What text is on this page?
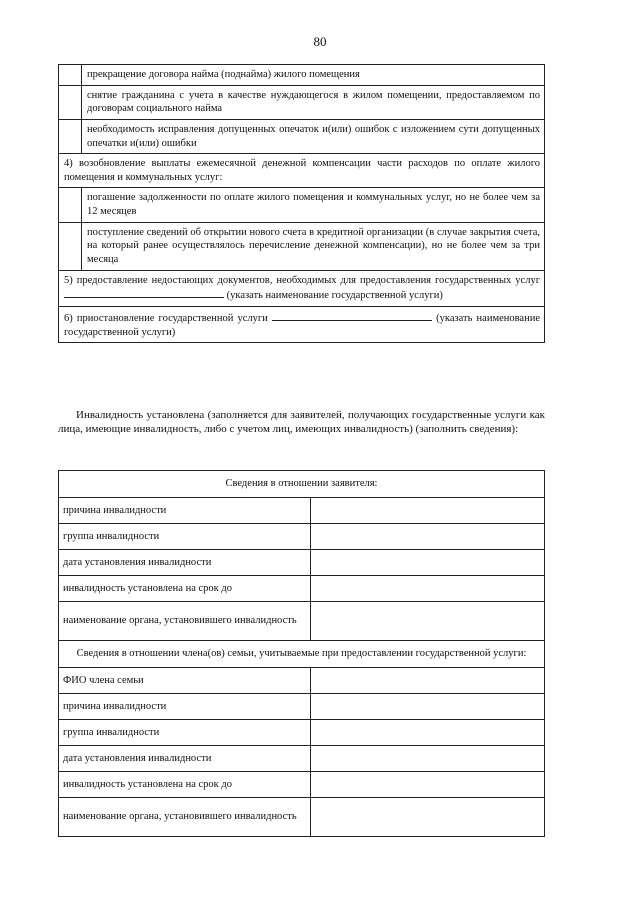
80
	прекращение договора найма (поднайма) жилого помещения
	снятие гражданина с учета в качестве нуждающегося в жилом помещении, предоставляемом по договорам социального найма
	необходимость исправления допущенных опечаток и(или) ошибок с изложением сути допущенных опечатки и(или) ошибки
4) возобновление выплаты ежемесячной денежной компенсации части расходов по оплате жилого помещения и коммунальных услуг:	
	погашение задолженности по оплате жилого помещения и коммунальных услуг, но не более чем за 12 месяцев
	поступление сведений об открытии нового счета в кредитной организации (в случае закрытия счета, на который ранее осуществлялось перечисление денежной компенсации), но не более чем за три месяца
5) предоставление недостающих документов, необходимых для предоставления государственных услуг  (указать наименование государственной услуги)	
6) приостановление государственной услуги (указать наименование государственной услуги)	

Инвалидность установлена (заполняется для заявителей, получающих государственные услуги как лица, имеющие инвалидность, либо с учетом лиц, имеющих инвалидность) (заполнить сведения):

Сведения в отношении заявителя:	
причина инвалидности	
группа инвалидности	
дата установления инвалидности	
инвалидность установлена на срок до	
наименование органа, установившего инвалидность	
Сведения в отношении члена(ов) семьи, учитываемые при предоставлении государственной услуги:	
ФИО члена семьи	
причина инвалидности	
группа инвалидности	
дата установления инвалидности	
инвалидность установлена на срок до	
наименование органа, установившего инвалидность	
